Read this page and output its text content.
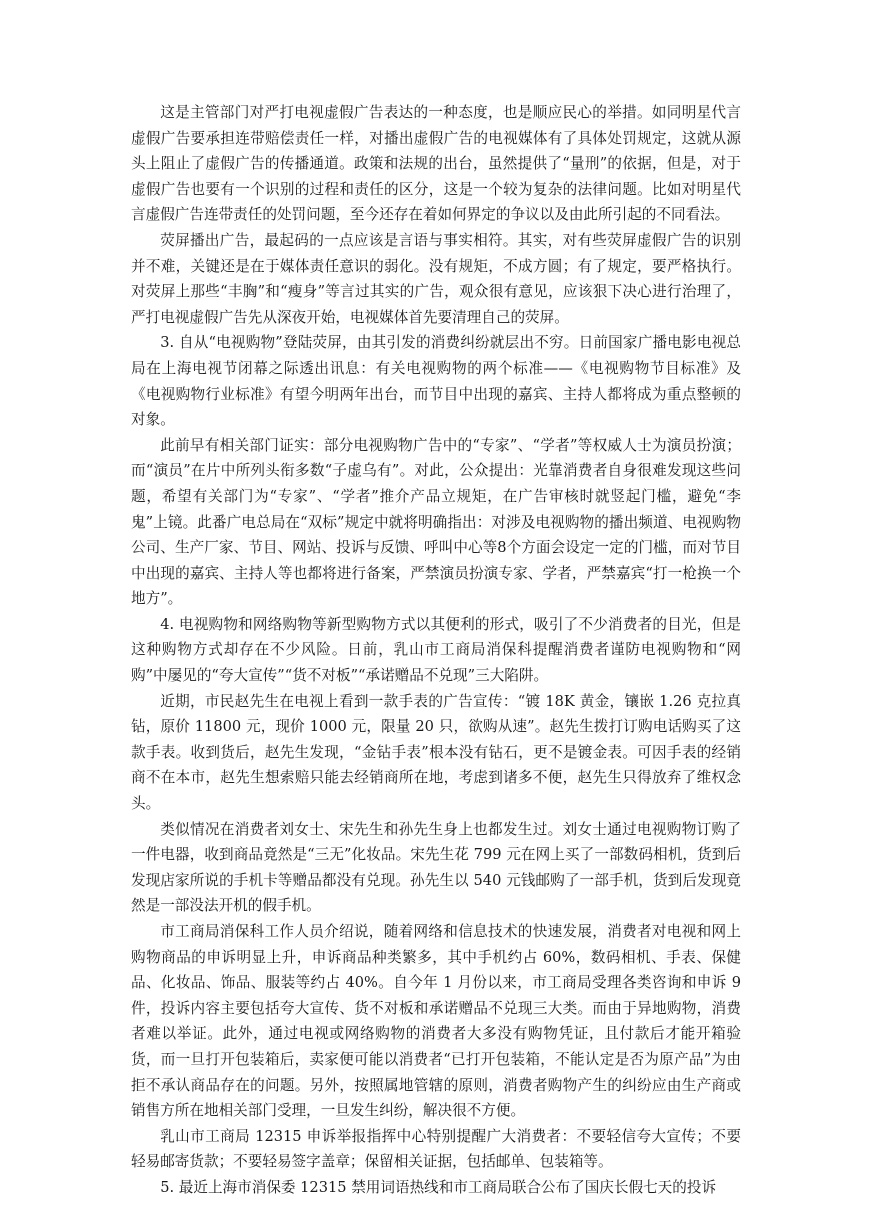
这是主管部门对严打电视虚假广告表达的一种态度，也是顺应民心的举措。如同明星代言虚假广告要承担连带赔偿责任一样，对播出虚假广告的电视媒体有了具体处罚规定，这就从源头上阻止了虚假广告的传播通道。政策和法规的出台，虽然提供了“量刑”的依据，但是，对于虚假广告也要有一个识别的过程和责任的区分，这是一个较为复杂的法律问题。比如对明星代言虚假广告连带责任的处罚问题，至今还存在着如何界定的争议以及由此所引起的不同看法。

荧屏播出广告，最起码的一点应该是言语与事实相符。其实，对有些荧屏虚假广告的识别并不难，关键还是在于媒体责任意识的弱化。没有规矩，不成方圆；有了规定，要严格执行。对荧屏上那些“丰胸”和“瘦身”等言过其实的广告，观众很有意见，应该狠下决心进行治理了，严打电视虚假广告先从深夜开始，电视媒体首先要清理自己的荧屏。

3. 自从“电视购物”登陆荧屏，由其引发的消费纠纷就层出不穷。日前国家广播电影电视总局在上海电视节闭幕之际透出讯息：有关电视购物的两个标准——《电视购物节目标准》及《电视购物行业标准》有望今明两年出台，而节目中出现的嘉宾、主持人都将成为重点整顿的对象。

此前早有相关部门证实：部分电视购物广告中的“专家”、“学者”等权威人士为演员扮演；而“演员”在片中所列头衔多数“子虚乌有”。对此，公众提出：光靠消费者自身很难发现这些问题，希望有关部门为“专家”、“学者”推介产品立规矩，在广告审核时就竖起门槛，避免“李鬼”上镜。此番广电总局在“双标”规定中就将明确指出：对涉及电视购物的播出频道、电视购物公司、生产厂家、节目、网站、投诉与反馈、呼叫中心等8个方面会设定一定的门槛，而对节目中出现的嘉宾、主持人等也都将进行备案，严禁演员扮演专家、学者，严禁嘉宾“打一枪换一个地方”。

4. 电视购物和网络购物等新型购物方式以其便利的形式，吸引了不少消费者的目光，但是这种购物方式却存在不少风险。日前，乳山市工商局消保科提醒消费者谨防电视购物和“网购”中屡见的“夸大宣传”“货不对板”“承诺赠品不兑现”三大陷阱。

近期，市民赵先生在电视上看到一款手表的广告宣传：“镀 18K 黄金，镶嵌 1.26 克拉真钻，原价 11800 元，现价 1000 元，限量 20 只，欲购从速”。赵先生拨打订购电话购买了这款手表。收到货后，赵先生发现，“金钻手表”根本没有钻石，更不是镀金表。可因手表的经销商不在本市，赵先生想索赔只能去经销商所在地，考虑到诸多不便，赵先生只得放弃了维权念头。

类似情况在消费者刘女士、宋先生和孙先生身上也都发生过。刘女士通过电视购物订购了一件电器，收到商品竟然是“三无”化妆品。宋先生花 799 元在网上买了一部数码相机，货到后发现店家所说的手机卡等赠品都没有兑现。孙先生以 540 元钱邮购了一部手机，货到后发现竟然是一部没法开机的假手机。

市工商局消保科工作人员介绍说，随着网络和信息技术的快速发展，消费者对电视和网上购物商品的申诉明显上升，申诉商品种类繁多，其中手机约占 60%，数码相机、手表、保健品、化妆品、饰品、服装等约占 40%。自今年 1 月份以来，市工商局受理各类咨询和申诉 9 件，投诉内容主要包括夸大宣传、货不对板和承诺赠品不兑现三大类。而由于异地购物，消费者难以举证。此外，通过电视或网络购物的消费者大多没有购物凭证，且付款后才能开箱验货，而一旦打开包装箱后，卖家便可能以消费者“已打开包装箱，不能认定是否为原产品”为由拒不承认商品存在的问题。另外，按照属地管辖的原则，消费者购物产生的纠纷应由生产商或销售方所在地相关部门受理，一旦发生纠纷，解决很不方便。

乳山市工商局 12315 申诉举报指挥中心特别提醒广大消费者：不要轻信夸大宣传；不要轻易邮寄货款；不要轻易签字盖章；保留相关证据，包括邮单、包装箱等。

5. 最近上海市消保委 12315 禁用词语热线和市工商局联合公布了国庆长假七天的投诉
